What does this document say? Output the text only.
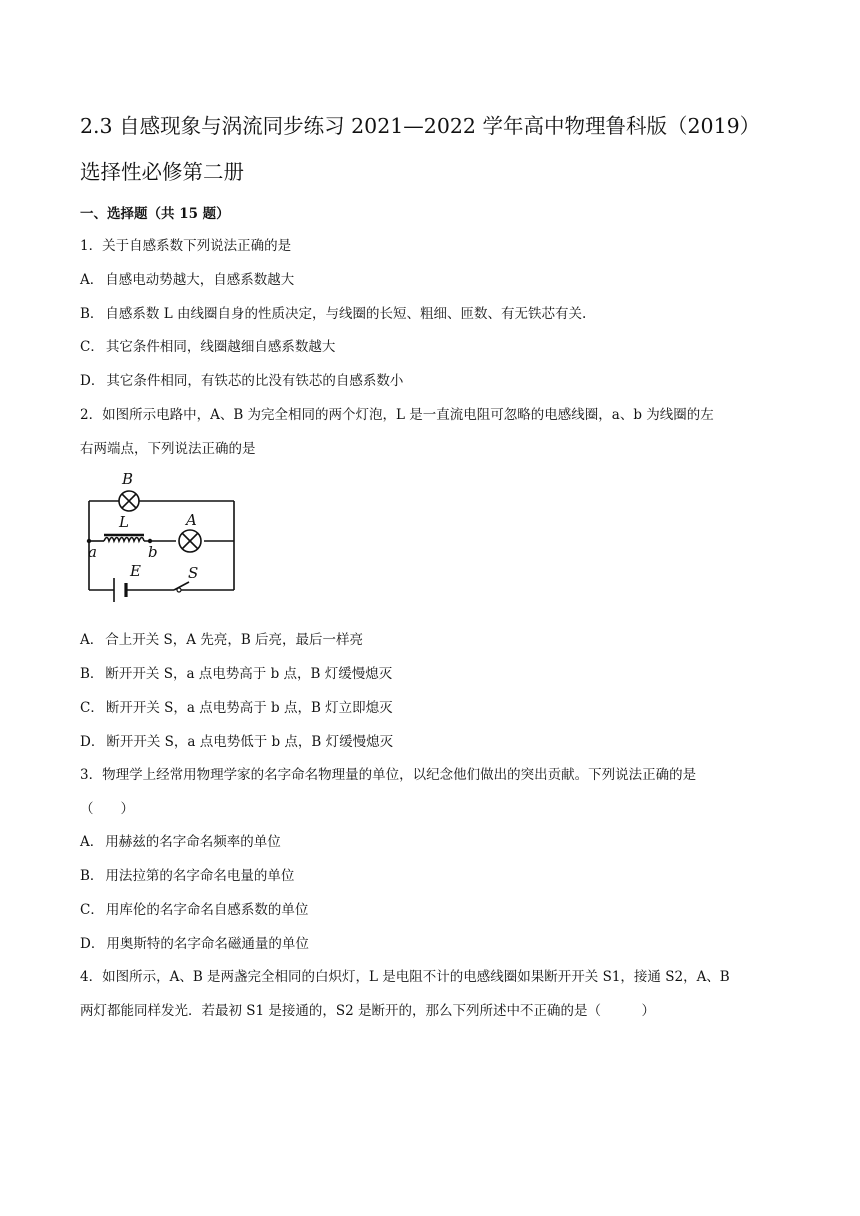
2.3 自感现象与涡流同步练习 2021—2022 学年高中物理鲁科版（2019）
选择性必修第二册
一、选择题（共 15 题）
1．关于自感系数下列说法正确的是
A． 自感电动势越大，自感系数越大
B． 自感系数 L 由线圈自身的性质决定，与线圈的长短、粗细、匝数、有无铁芯有关.
C． 其它条件相同，线圈越细自感系数越大
D． 其它条件相同，有铁芯的比没有铁芯的自感系数小
2．如图所示电路中，A、B 为完全相同的两个灯泡，L 是一直流电阻可忽略的电感线圈，a、b 为线圈的左
右两端点，下列说法正确的是
B
L	A
a	b
E	S
A． 合上开关 S，A 先亮，B 后亮，最后一样亮
B． 断开开关 S，a 点电势高于 b 点，B 灯缓慢熄灭
C． 断开开关 S，a 点电势高于 b 点，B 灯立即熄灭
D． 断开开关 S，a 点电势低于 b 点，B 灯缓慢熄灭
3．物理学上经常用物理学家的名字命名物理量的单位，以纪念他们做出的突出贡献。下列说法正确的是
（　　）
A． 用赫兹的名字命名频率的单位
B． 用法拉第的名字命名电量的单位
C． 用库伦的名字命名自感系数的单位
D． 用奥斯特的名字命名磁通量的单位
4．如图所示，A、B 是两盏完全相同的白炽灯，L 是电阻不计的电感线圈如果断开开关 S1，接通 S2，A、B
两灯都能同样发光．若最初 S1 是接通的，S2 是断开的，那么下列所述中不正确的是（　　　）
